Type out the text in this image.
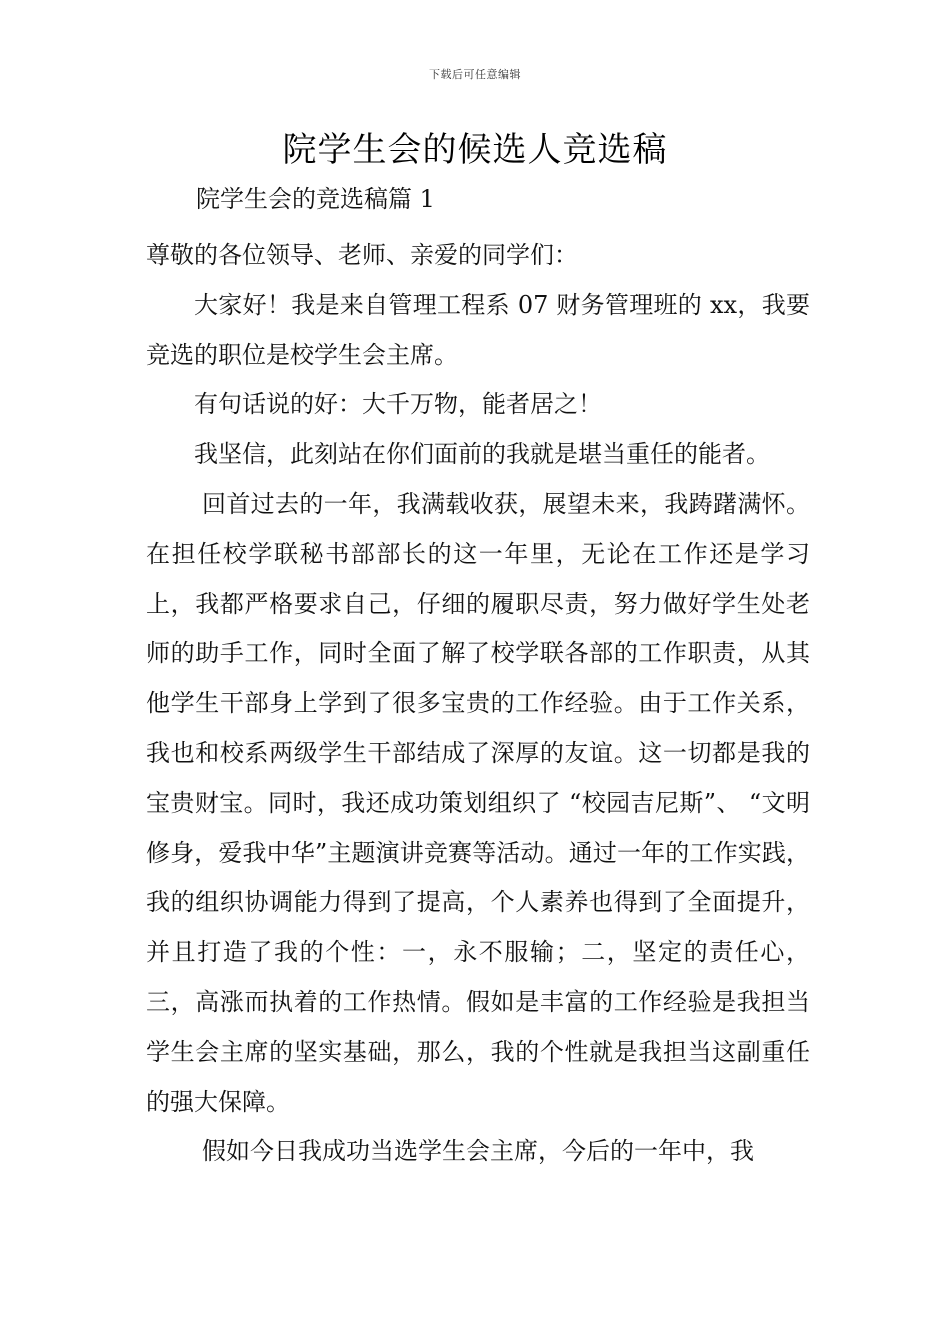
下载后可任意编辑
院学生会的候选人竞选稿
院学生会的竞选稿篇 1

尊敬的各位领导、老师、亲爱的同学们：

大家好！我是来自管理工程系 07 财务管理班的 xx，我要竞选的职位是校学生会主席。

有句话说的好：大千万物，能者居之！

我坚信，此刻站在你们面前的我就是堪当重任的能者。

回首过去的一年，我满载收获，展望未来，我踌躇满怀。在担任校学联秘书部部长的这一年里，无论在工作还是学习上，我都严格要求自己，仔细的履职尽责，努力做好学生处老师的助手工作，同时全面了解了校学联各部的工作职责，从其他学生干部身上学到了很多宝贵的工作经验。由于工作关系，我也和校系两级学生干部结成了深厚的友谊。这一切都是我的宝贵财宝。同时，我还成功策划组织了 “校园吉尼斯”、 “文明修身，爱我中华”主题演讲竞赛等活动。通过一年的工作实践，我的组织协调能力得到了提高，个人素养也得到了全面提升，并且打造了我的个性：一，永不服输；二，坚定的责任心，三，高涨而执着的工作热情。假如是丰富的工作经验是我担当学生会主席的坚实基础，那么，我的个性就是我担当这副重任的强大保障。

假如今日我成功当选学生会主席，今后的一年中，我
